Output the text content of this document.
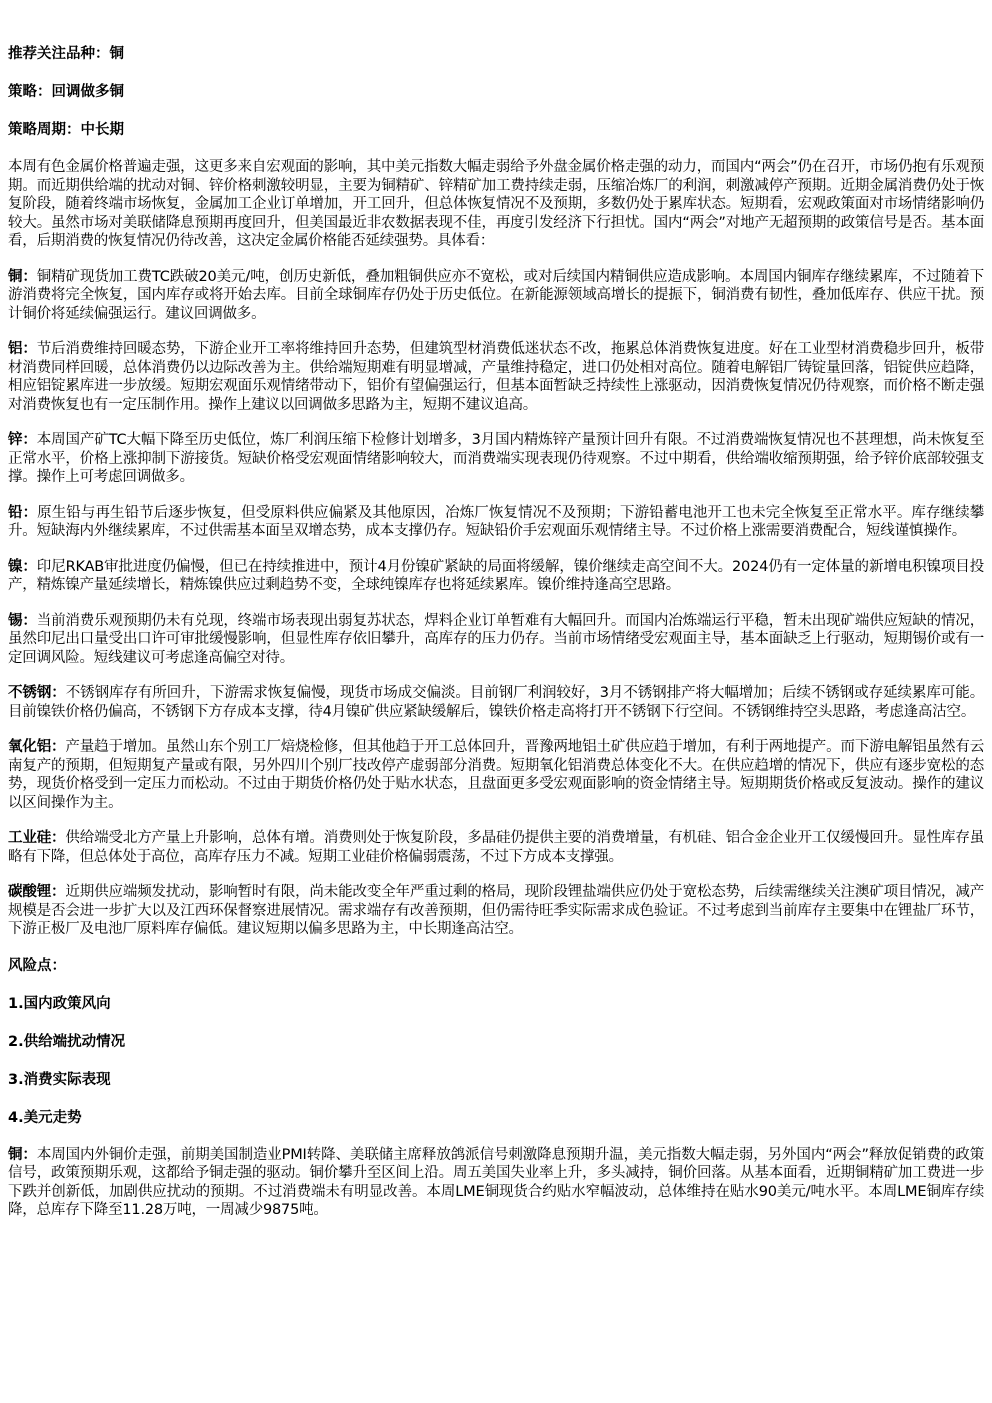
推荐关注品种：铜
策略：回调做多铜
策略周期：中长期
本周有色金属价格普遍走强，这更多来自宏观面的影响，其中美元指数大幅走弱给予外盘金属价格走强的动力，而国内“两会”仍在召开，市场仍抱有乐观预期。而近期供给端的扰动对铜、锌价格刺激较明显，主要为铜精矿、锌精矿加工费持续走弱，压缩冶炼厂的利润，刺激减停产预期。近期金属消费仍处于恢复阶段，随着终端市场恢复，金属加工企业订单增加，开工回升，但总体恢复情况不及预期，多数仍处于累库状态。短期看，宏观政策面对市场情绪影响仍较大。虽然市场对美联储降息预期再度回升，但美国最近非农数据表现不佳，再度引发经济下行担忧。国内“两会”对地产无超预期的政策信号是否。基本面看，后期消费的恢复情况仍待改善，这决定金属价格能否延续强势。具体看：
铜：铜精矿现货加工费TC跌破20美元/吨，创历史新低，叠加粗铜供应亦不宽松，或对后续国内精铜供应造成影响。本周国内铜库存继续累库，不过随着下游消费将完全恢复，国内库存或将开始去库。目前全球铜库存仍处于历史低位。在新能源领域高增长的提振下，铜消费有韧性，叠加低库存、供应干扰。预计铜价将延续偏强运行。建议回调做多。
铝：节后消费维持回暖态势，下游企业开工率将维持回升态势，但建筑型材消费低迷状态不改，拖累总体消费恢复进度。好在工业型材消费稳步回升，板带材消费同样回暖，总体消费仍以边际改善为主。供给端短期难有明显增减，产量维持稳定，进口仍处相对高位。随着电解铝厂铸锭量回落，铝锭供应趋降，相应铝锭累库进一步放缓。短期宏观面乐观情绪带动下，铝价有望偏强运行，但基本面暂缺乏持续性上涨驱动，因消费恢复情况仍待观察，而价格不断走强对消费恢复也有一定压制作用。操作上建议以回调做多思路为主，短期不建议追高。
锌：本周国产矿TC大幅下降至历史低位，炼厂利润压缩下检修计划增多，3月国内精炼锌产量预计回升有限。不过消费端恢复情况也不甚理想，尚未恢复至正常水平，价格上涨抑制下游接货。短缺价格受宏观面情绪影响较大，而消费端实现表现仍待观察。不过中期看，供给端收缩预期强，给予锌价底部较强支撑。操作上可考虑回调做多。
铅：原生铅与再生铅节后逐步恢复，但受原料供应偏紧及其他原因，冶炼厂恢复情况不及预期；下游铅蓄电池开工也未完全恢复至正常水平。库存继续攀升。短缺海内外继续累库，不过供需基本面呈双增态势，成本支撑仍存。短缺铅价手宏观面乐观情绪主导。不过价格上涨需要消费配合，短线谨慎操作。
镍：印尼RKAB审批进度仍偏慢，但已在持续推进中，预计4月份镍矿紧缺的局面将缓解，镍价继续走高空间不大。2024仍有一定体量的新增电积镍项目投产，精炼镍产量延续增长，精炼镍供应过剩趋势不变，全球纯镍库存也将延续累库。镍价维持逢高空思路。
锡：当前消费乐观预期仍未有兑现，终端市场表现出弱复苏状态，焊料企业订单暂难有大幅回升。而国内冶炼端运行平稳，暂未出现矿端供应短缺的情况，虽然印尼出口量受出口许可审批缓慢影响，但显性库存依旧攀升，高库存的压力仍存。当前市场情绪受宏观面主导，基本面缺乏上行驱动，短期锡价或有一定回调风险。短线建议可考虑逢高偏空对待。
不锈钢：不锈钢库存有所回升，下游需求恢复偏慢，现货市场成交偏淡。目前钢厂利润较好，3月不锈钢排产将大幅增加；后续不锈钢或存延续累库可能。目前镍铁价格仍偏高，不锈钢下方存成本支撑，待4月镍矿供应紧缺缓解后，镍铁价格走高将打开不锈钢下行空间。不锈钢维持空头思路，考虑逢高沽空。
氧化铝：产量趋于增加。虽然山东个别工厂焙烧检修，但其他趋于开工总体回升，晋豫两地铝土矿供应趋于增加，有利于两地提产。而下游电解铝虽然有云南复产的预期，但短期复产量或有限，另外四川个别厂技改停产虚弱部分消费。短期氧化铝消费总体变化不大。在供应趋增的情况下，供应有逐步宽松的态势，现货价格受到一定压力而松动。不过由于期货价格仍处于贴水状态，且盘面更多受宏观面影响的资金情绪主导。短期期货价格或反复波动。操作的建议以区间操作为主。
工业硅：供给端受北方产量上升影响，总体有增。消费则处于恢复阶段，多晶硅仍提供主要的消费增量，有机硅、铝合金企业开工仅缓慢回升。显性库存虽略有下降，但总体处于高位，高库存压力不减。短期工业硅价格偏弱震荡，不过下方成本支撑强。
碳酸锂：近期供应端频发扰动，影响暂时有限，尚未能改变全年严重过剩的格局，现阶段锂盐端供应仍处于宽松态势，后续需继续关注澳矿项目情况，减产规模是否会进一步扩大以及江西环保督察进展情况。需求端存有改善预期，但仍需待旺季实际需求成色验证。不过考虑到当前库存主要集中在锂盐厂环节，下游正极厂及电池厂原料库存偏低。建议短期以偏多思路为主，中长期逢高沽空。
风险点：
1.国内政策风向
2.供给端扰动情况
3.消费实际表现
4.美元走势
铜：本周国内外铜价走强，前期美国制造业PMI转降、美联储主席释放鸽派信号刺激降息预期升温，美元指数大幅走弱，另外国内“两会”释放促销费的政策信号，政策预期乐观，这都给予铜走强的驱动。铜价攀升至区间上沿。周五美国失业率上升，多头减持，铜价回落。从基本面看，近期铜精矿加工费进一步下跌并创新低，加剧供应扰动的预期。不过消费端未有明显改善。本周LME铜现货合约贴水窄幅波动，总体维持在贴水90美元/吨水平。本周LME铜库存续降，总库存下降至11.28万吨，一周减少9875吨。
